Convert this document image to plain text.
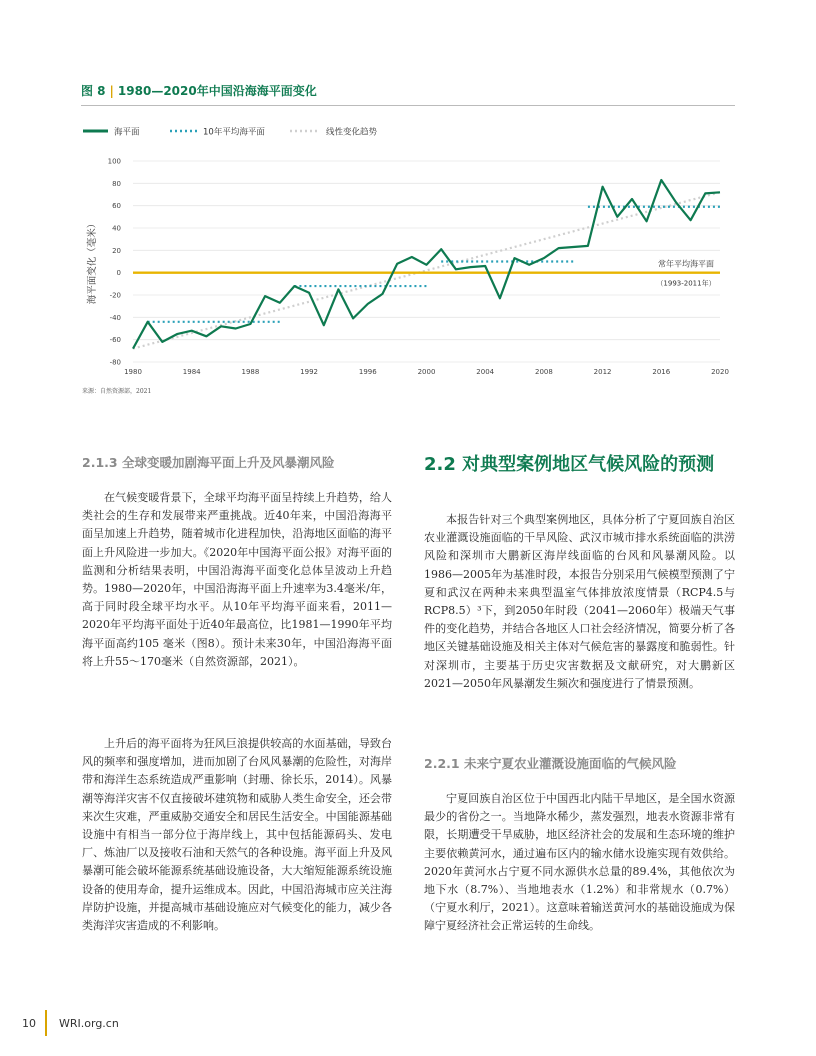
图 8 | 1980—2020年中国沿海海平面变化
海平面	10年平均海平面	线性变化趋势
-80
-60
-40
-20
0
20
40
60
80
100
1980	1984	1988	1992	1996	2000	2004	2008	2012	2016	2020
海平面变化（毫米）	常年平均海平面
（1993-2011年）
来源：自然资源部，2021
2.1.3 全球变暖加剧海平面上升及风暴潮风险
在气候变暖背景下，全球平均海平面呈持续上升趋势，给人类社会的生存和发展带来严重挑战。近40年来，中国沿海海平面呈加速上升趋势，随着城市化进程加快，沿海地区面临的海平面上升风险进一步加大。《2020年中国海平面公报》对海平面的监测和分析结果表明，中国沿海海平面变化总体呈波动上升趋势。1980—2020年，中国沿海海平面上升速率为3.4毫米/年，高于同时段全球平均水平。从10年平均海平面来看，2011—2020年平均海平面处于近40年最高位，比1981—1990年平均海平面高约105 毫米（图8）。预计未来30年，中国沿海海平面将上升55～170毫米（自然资源部，2021）。
上升后的海平面将为狂风巨浪提供较高的水面基础，导致台风的频率和强度增加，进而加剧了台风风暴潮的危险性，对海岸带和海洋生态系统造成严重影响（封珊、徐长乐，2014）。风暴潮等海洋灾害不仅直接破坏建筑物和威胁人类生命安全，还会带来次生灾难，严重威胁交通安全和居民生活安全。中国能源基础设施中有相当一部分位于海岸线上，其中包括能源码头、发电厂、炼油厂以及接收石油和天然气的各种设施。海平面上升及风暴潮可能会破坏能源系统基础设施设备，大大缩短能源系统设施设备的使用寿命，提升运维成本。因此，中国沿海城市应关注海岸防护设施，并提高城市基础设施应对气候变化的能力，减少各类海洋灾害造成的不利影响。
2.2 对典型案例地区气候风险的预测
本报告针对三个典型案例地区，具体分析了宁夏回族自治区农业灌溉设施面临的干旱风险、武汉市城市排水系统面临的洪涝风险和深圳市大鹏新区海岸线面临的台风和风暴潮风险。以1986—2005年为基准时段，本报告分别采用气候模型预测了宁夏和武汉在两种未来典型温室气体排放浓度情景（RCP4.5与RCP8.5）³下，到2050年时段（2041—2060年）极端天气事件的变化趋势，并结合各地区人口社会经济情况，简要分析了各地区关键基础设施及相关主体对气候危害的暴露度和脆弱性。针对深圳市，主要基于历史灾害数据及文献研究，对大鹏新区2021—2050年风暴潮发生频次和强度进行了情景预测。
2.2.1 未来宁夏农业灌溉设施面临的气候风险
宁夏回族自治区位于中国西北内陆干旱地区，是全国水资源最少的省份之一。当地降水稀少，蒸发强烈，地表水资源非常有限，长期遭受干旱威胁，地区经济社会的发展和生态环境的维护主要依赖黄河水，通过遍布区内的输水储水设施实现有效供给。2020年黄河水占宁夏不同水源供水总量的89.4%，其他依次为地下水（8.7%）、当地地表水（1.2%）和非常规水（0.7%）（宁夏水利厅，2021）。这意味着输送黄河水的基础设施成为保障宁夏经济社会正常运转的生命线。
10 WRI.org.cn
